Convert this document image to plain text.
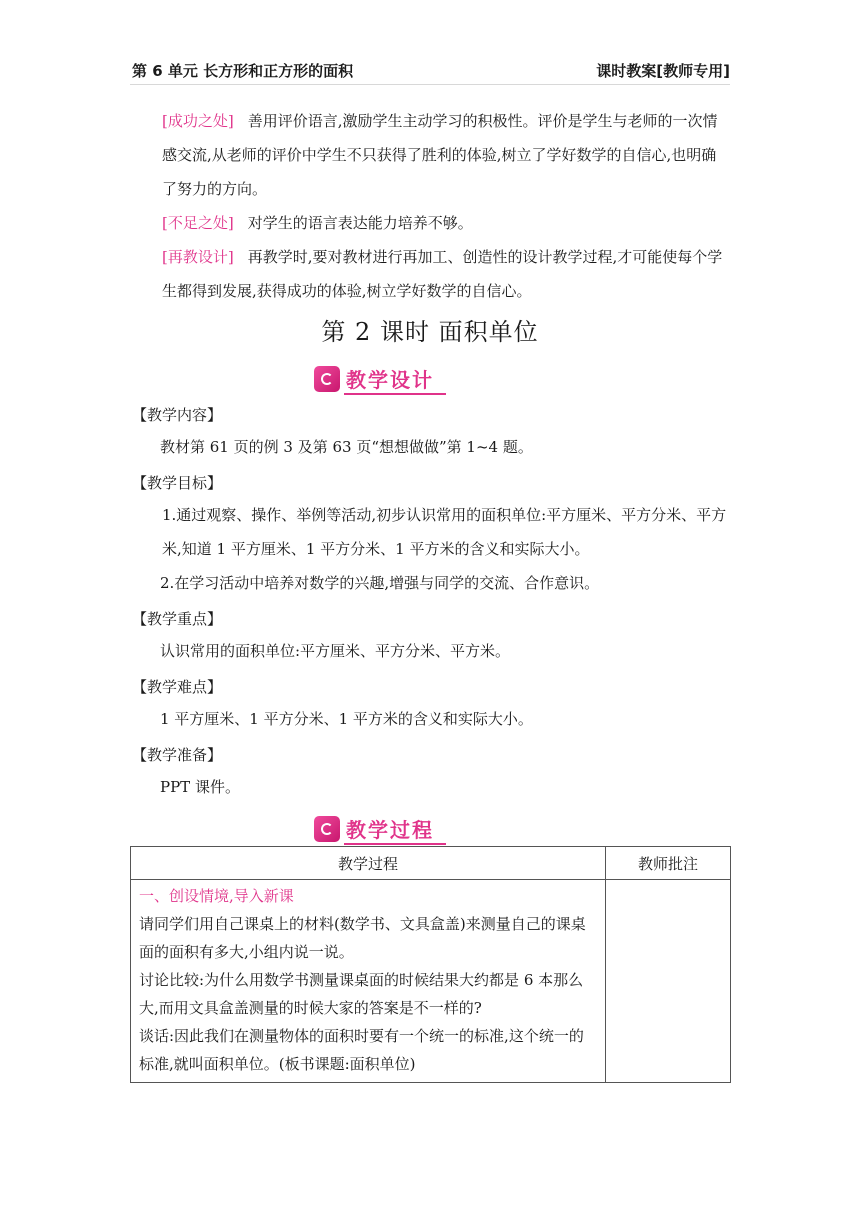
第 6 单元 长方形和正方形的面积	课时教案[教师专用]
[成功之处] 善用评价语言,激励学生主动学习的积极性。评价是学生与老师的一次情感交流,从老师的评价中学生不只获得了胜利的体验,树立了学好数学的自信心,也明确了努力的方向。
[不足之处] 对学生的语言表达能力培养不够。
[再教设计] 再教学时,要对教材进行再加工、创造性的设计教学过程,才可能使每个学生都得到发展,获得成功的体验,树立学好数学的自信心。
第 2 课时 面积单位
教学设计
【教学内容】
教材第 61 页的例 3 及第 63 页“想想做做”第 1~4 题。
【教学目标】
1.通过观察、操作、举例等活动,初步认识常用的面积单位:平方厘米、平方分米、平方米,知道 1 平方厘米、1 平方分米、1 平方米的含义和实际大小。
2.在学习活动中培养对数学的兴趣,增强与同学的交流、合作意识。
【教学重点】
认识常用的面积单位:平方厘米、平方分米、平方米。
【教学难点】
1 平方厘米、1 平方分米、1 平方米的含义和实际大小。
【教学准备】
PPT 课件。
教学过程
教学过程	教师批注

一、创设情境,导入新课
请同学们用自己课桌上的材料(数学书、文具盒盖)来测量自己的课桌面的面积有多大,小组内说一说。
讨论比较:为什么用数学书测量课桌面的时候结果大约都是 6 本那么大,而用文具盒盖测量的时候大家的答案是不一样的?
谈话:因此我们在测量物体的面积时要有一个统一的标准,这个统一的标准,就叫面积单位。(板书课题:面积单位)	
